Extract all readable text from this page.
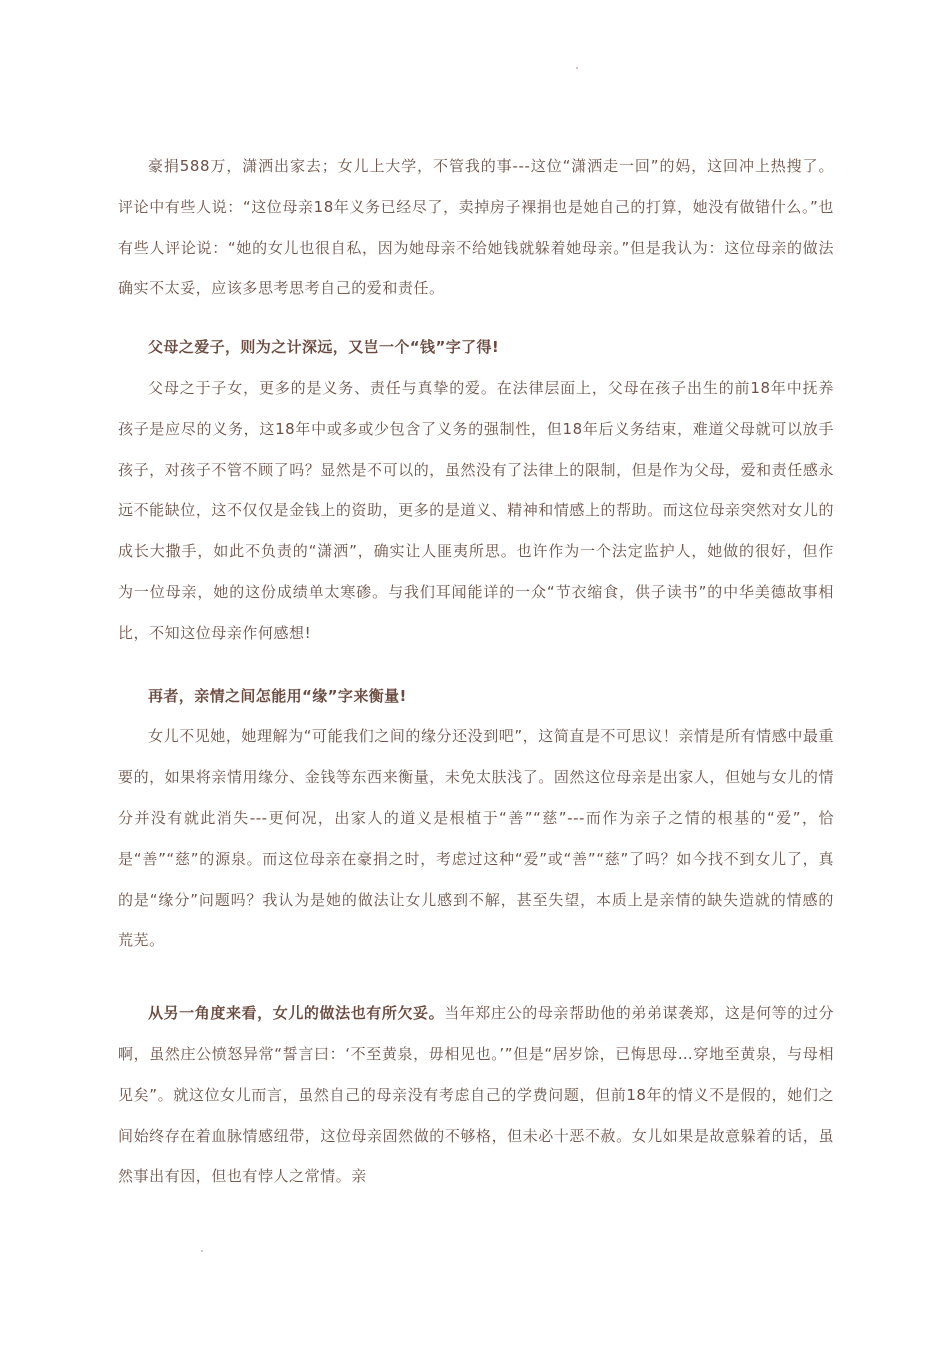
豪捐588万，潇洒出家去；女儿上大学，不管我的事---这位“潇洒走一回”的妈，这回冲上热搜了。评论中有些人说：“这位母亲18年义务已经尽了，卖掉房子裸捐也是她自己的打算，她没有做错什么。”也有些人评论说：“她的女儿也很自私，因为她母亲不给她钱就躲着她母亲。”但是我认为：这位母亲的做法确实不太妥，应该多思考思考自己的爱和责任。

父母之爱子，则为之计深远，又岂一个“钱”字了得!

父母之于子女，更多的是义务、责任与真挚的爱。在法律层面上，父母在孩子出生的前18年中抚养孩子是应尽的义务，这18年中或多或少包含了义务的强制性，但18年后义务结束，难道父母就可以放手孩子，对孩子不管不顾了吗？显然是不可以的，虽然没有了法律上的限制，但是作为父母，爱和责任感永远不能缺位，这不仅仅是金钱上的资助，更多的是道义、精神和情感上的帮助。而这位母亲突然对女儿的成长大撒手，如此不负责的“潇洒”，确实让人匪夷所思。也许作为一个法定监护人，她做的很好，但作为一位母亲，她的这份成绩单太寒碜。与我们耳闻能详的一众“节衣缩食，供子读书”的中华美德故事相比，不知这位母亲作何感想!

再者，亲情之间怎能用“缘”字来衡量!

女儿不见她，她理解为“可能我们之间的缘分还没到吧”，这简直是不可思议！亲情是所有情感中最重要的，如果将亲情用缘分、金钱等东西来衡量，未免太肤浅了。固然这位母亲是出家人，但她与女儿的情分并没有就此消失---更何况，出家人的道义是根植于“善”“慈”---而作为亲子之情的根基的“爱”，恰是“善”“慈”的源泉。而这位母亲在豪捐之时，考虑过这种“爱”或“善”“慈”了吗？如今找不到女儿了，真的是“缘分”问题吗？我认为是她的做法让女儿感到不解，甚至失望，本质上是亲情的缺失造就的情感的荒芜。

从另一角度来看，女儿的做法也有所欠妥。当年郑庄公的母亲帮助他的弟弟谋袭郑，这是何等的过分啊，虽然庄公愤怒异常“誓言曰：‘不至黄泉，毋相见也。’”但是“居岁馀，已悔思母…穿地至黄泉，与母相见矣”。就这位女儿而言，虽然自己的母亲没有考虑自己的学费问题，但前18年的情义不是假的，她们之间始终存在着血脉情感纽带，这位母亲固然做的不够格，但未必十恶不赦。女儿如果是故意躲着的话，虽然事出有因，但也有悖人之常情。亲
